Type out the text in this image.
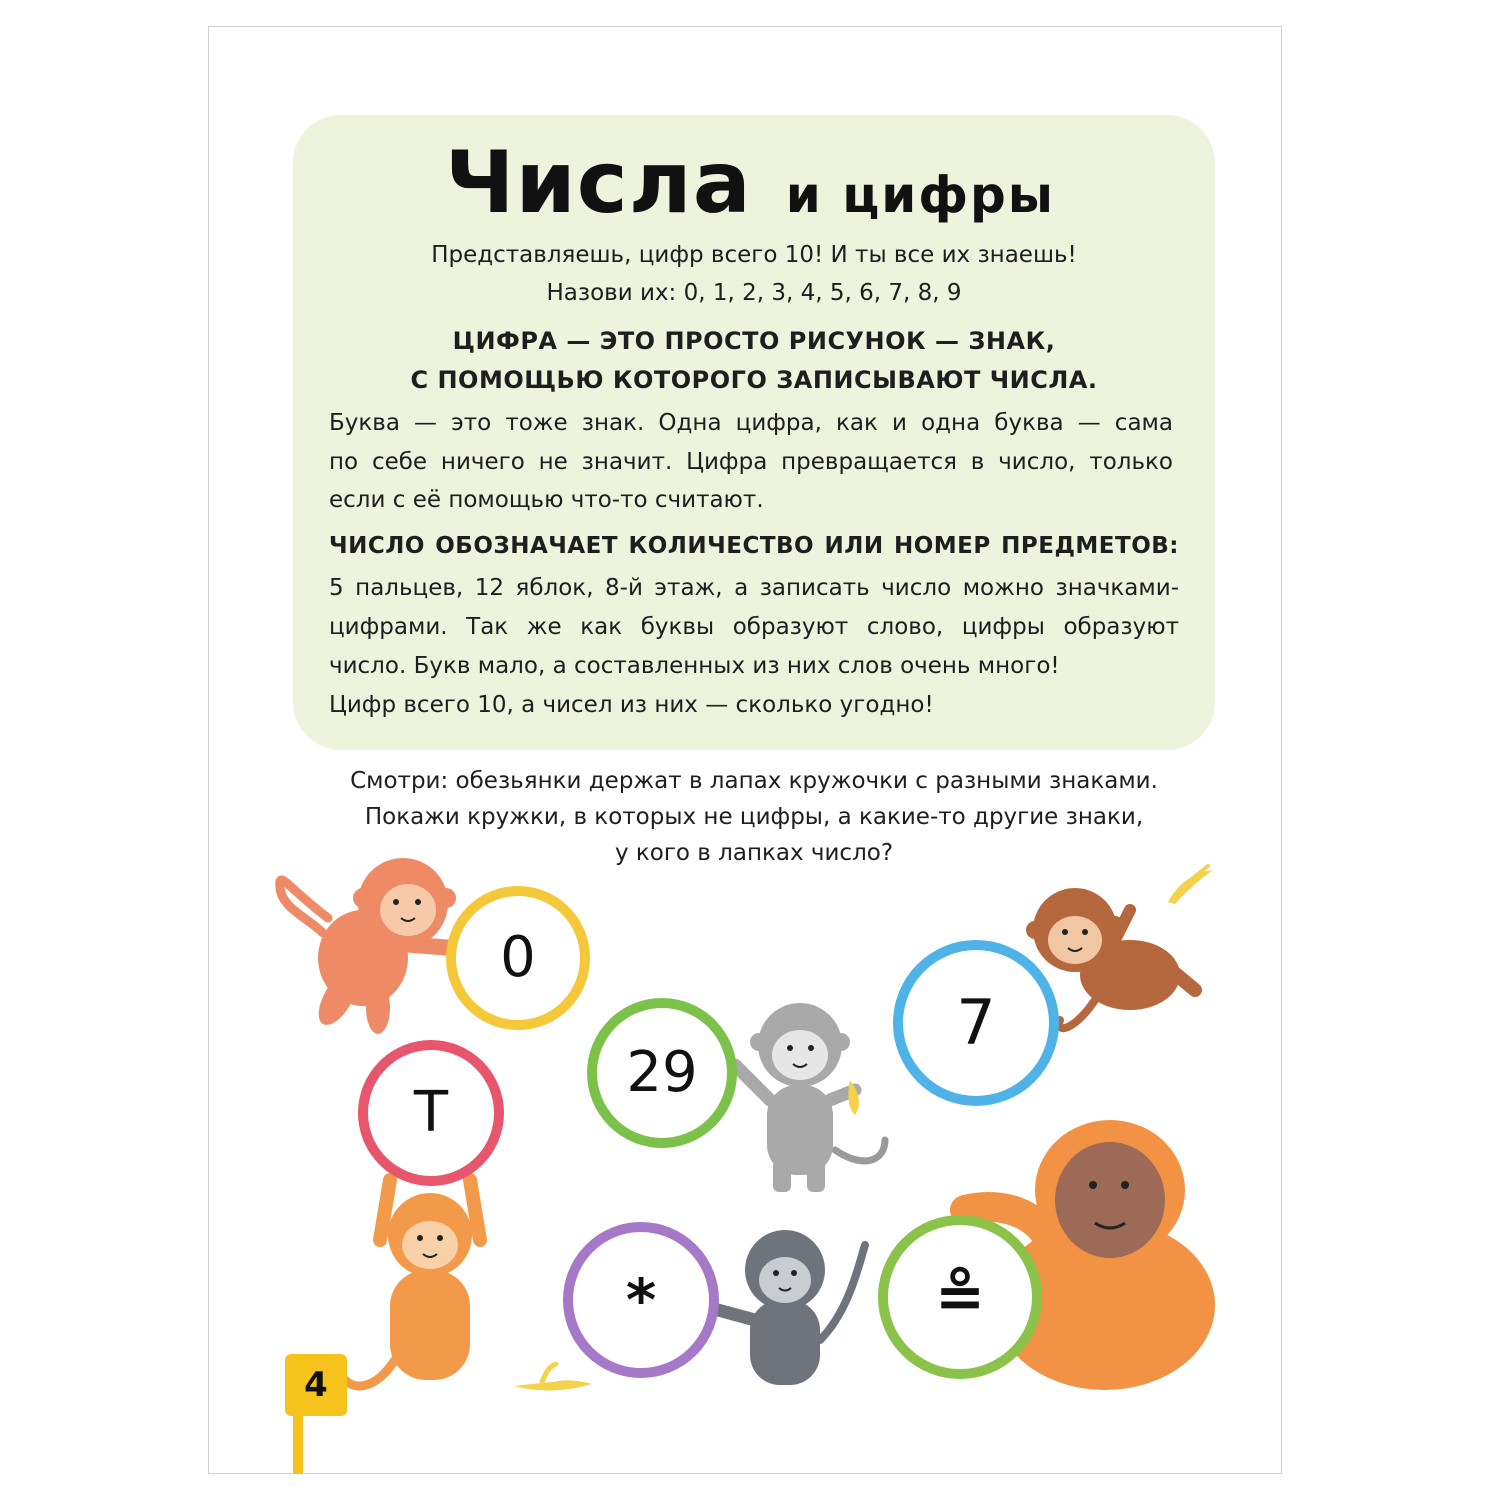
Числа и цифры
Представляешь, цифр всего 10! И ты все их знаешь!
Назови их: 0, 1, 2, 3, 4, 5, 6, 7, 8, 9
ЦИФРА — ЭТО ПРОСТО РИСУНОК — ЗНАК,
С ПОМОЩЬЮ КОТОРОГО ЗАПИСЫВАЮТ ЧИСЛА.
Буква — это тоже знак. Одна цифра, как и одна буква — сама
по себе ничего не значит. Цифра превращается в число, только
если с её помощью что-то считают.
ЧИСЛО ОБОЗНАЧАЕТ КОЛИЧЕСТВО ИЛИ НОМЕР ПРЕДМЕТОВ:
5 пальцев, 12 яблок, 8-й этаж, а записать число можно значками-
цифрами. Так же как буквы образуют слово, цифры образуют
число. Букв мало, а составленных из них слов очень много!
Цифр всего 10, а чисел из них — сколько угодно!
Смотри: обезьянки держат в лапах кружочки с разными знаками.
Покажи кружки, в которых не цифры, а какие-то другие знаки,
у кого в лапках число?
0
29
7
Т
*	≗
4
